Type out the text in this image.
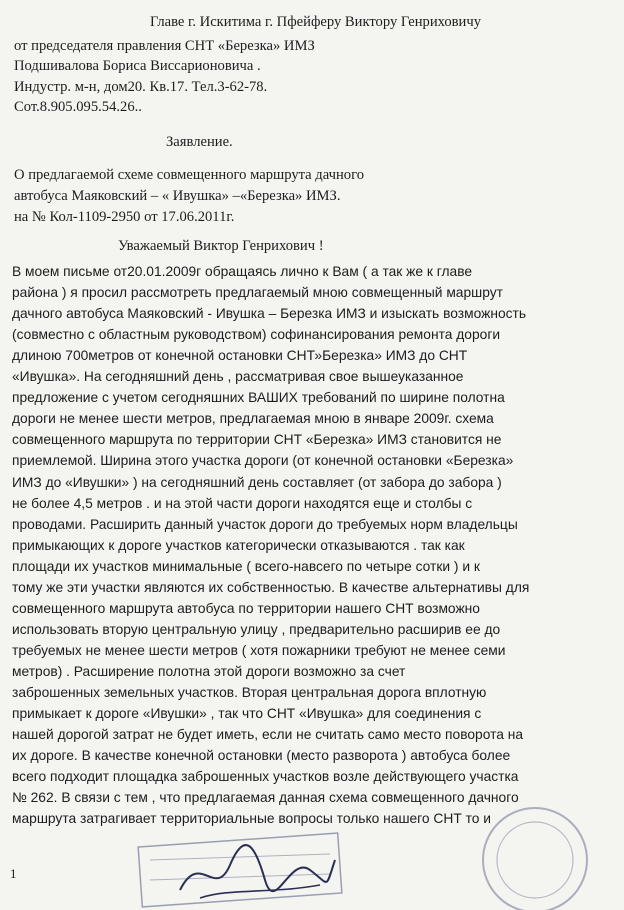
Главе г. Искитима г. Пфейферу Виктору Генриховичу
от председателя правления СНТ «Березка» ИМЗ
Подшивалова Бориса Виссарионовича .
Индустр. м-н, дом20. Кв.17. Тел.3-62-78.
Сот.8.905.095.54.26..
Заявление.
О предлагаемой схеме совмещенного маршрута дачного
автобуса Маяковский – « Ивушка» –«Березка» ИМЗ.
на № Кол-1109-2950 от 17.06.2011г.
Уважаемый Виктор Генрихович !
В моем письме от20.01.2009г обращаясь лично к Вам ( а так же к главе
района ) я просил рассмотреть предлагаемый мною совмещенный маршрут
дачного автобуса Маяковский - Ивушка – Березка ИМЗ и изыскать возможность
(совместно с областным руководством) софинансирования ремонта дороги
длиною 700метров от конечной остановки СНТ»Березка» ИМЗ до СНТ
«Ивушка». На сегодняшний день , рассматривая свое вышеуказанное
предложение с учетом сегодняшних ВАШИХ требований по ширине полотна
дороги не менее шести метров, предлагаемая мною в январе 2009г. схема
совмещенного маршрута по территории СНТ «Березка» ИМЗ становится не
приемлемой. Ширина этого участка дороги (от конечной остановки «Березка»
ИМЗ до «Ивушки» ) на сегодняшний день составляет (от забора до забора )
не более 4,5 метров . и на этой части дороги находятся еще и столбы с
проводами. Расширить данный участок дороги до требуемых норм владельцы
примыкающих к дороге участков категорически отказываются . так как
площади их участков минимальные ( всего-навсего по четыре сотки ) и к
тому же эти участки являются их собственностью. В качестве альтернативы для
совмещенного маршрута автобуса по территории нашего СНТ возможно
использовать вторую центральную улицу , предварительно расширив ее до
требуемых не менее шести метров ( хотя пожарники требуют не менее семи
метров) . Расширение полотна этой дороги возможно за счет
заброшенных земельных участков. Вторая центральная дорога вплотную
примыкает к дороге «Ивушки» , так что СНТ «Ивушка» для соединения с
нашей дорогой затрат не будет иметь, если не считать само место поворота на
их дороге. В качестве конечной остановки (место разворота ) автобуса более
всего подходит площадка заброшенных участков возле действующего участка
№ 262. В связи с тем , что предлагаемая данная схема совмещенного дачного
маршрута затрагивает территориальные вопросы только нашего СНТ то и
1
